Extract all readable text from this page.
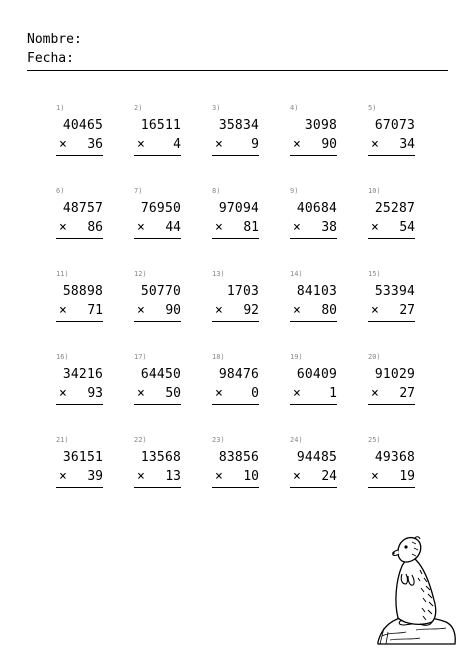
Nombre:
Fecha:
1)
40465
× 36
2)
16511
× 4
3)
35834
× 9
4)
3098
× 90
5)
67073
× 34
6)
48757
× 86
7)
76950
× 44
8)
97094
× 81
9)
40684
× 38
10)
25287
× 54
11)
58898
× 71
12)
50770
× 90
13)
1703
× 92
14)
84103
× 80
15)
53394
× 27
16)
34216
× 93
17)
64450
× 50
18)
98476
× 0
19)
60409
× 1
20)
91029
× 27
21)
36151
× 39
22)
13568
× 13
23)
83856
× 10
24)
94485
× 24
25)
49368
× 19
